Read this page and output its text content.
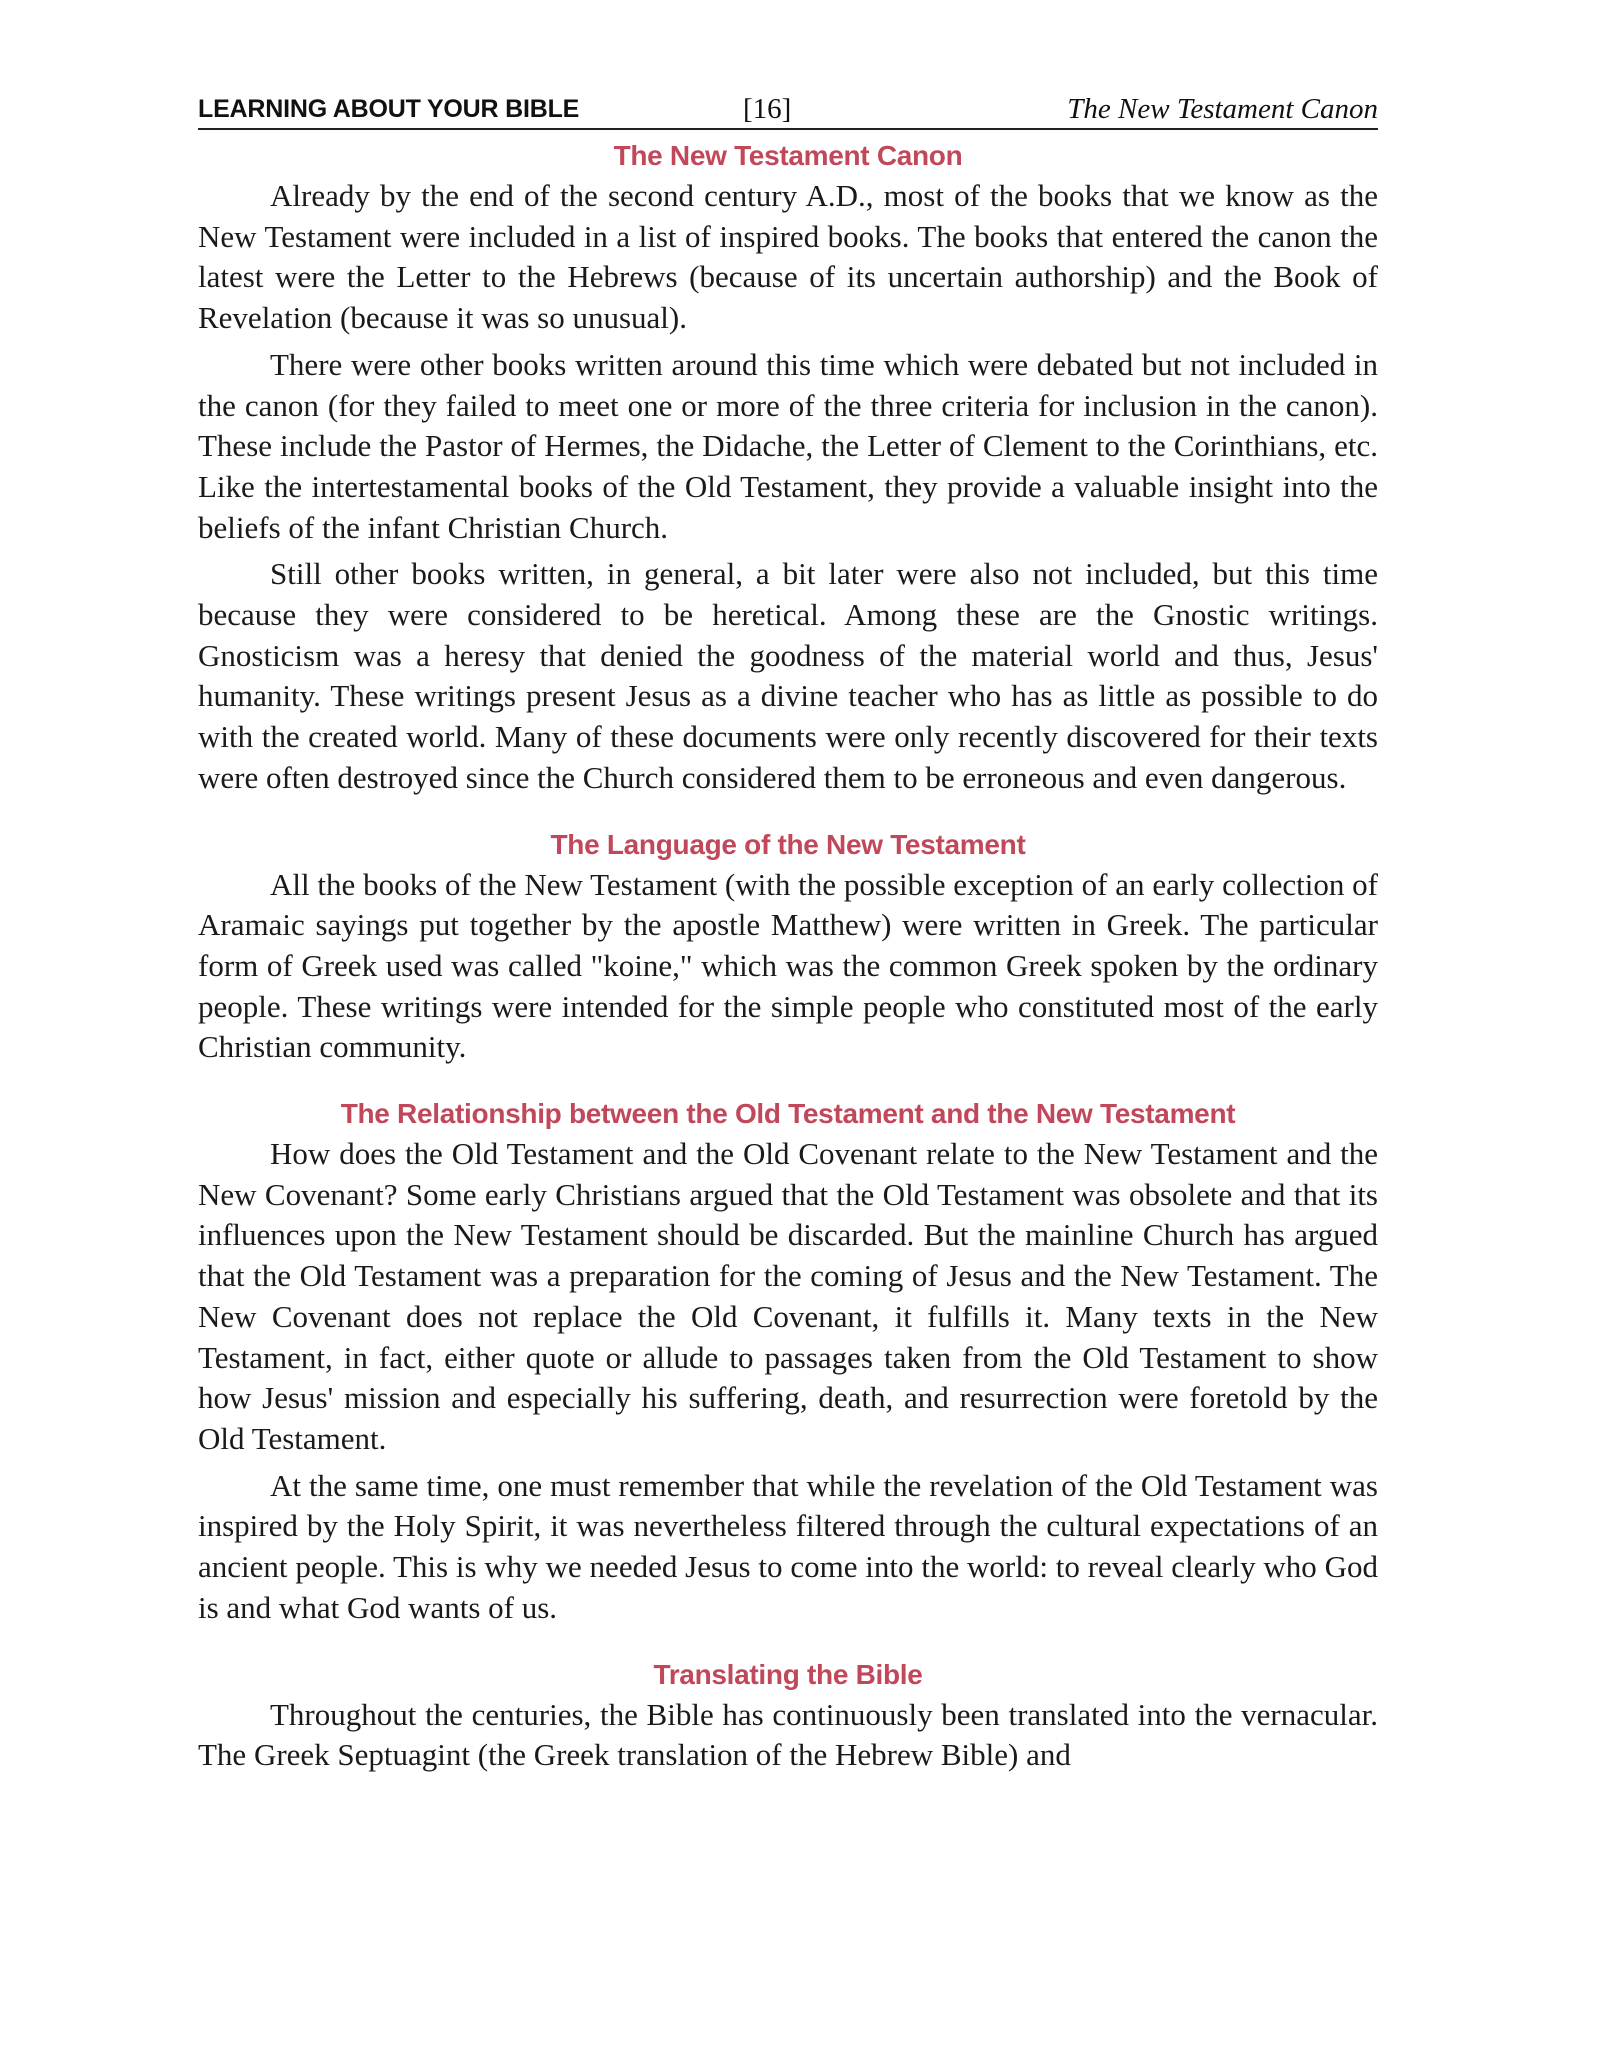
LEARNING ABOUT YOUR BIBLE	[16]	The New Testament Canon
The New Testament Canon

Already by the end of the second century A.D., most of the books that we know as the New Testament were included in a list of inspired books. The books that entered the canon the latest were the Letter to the Hebrews (because of its uncertain authorship) and the Book of Revelation (because it was so unusual).

There were other books written around this time which were debated but not included in the canon (for they failed to meet one or more of the three criteria for inclusion in the canon). These include the Pastor of Hermes, the Didache, the Letter of Clement to the Corinthians, etc. Like the intertestamental books of the Old Testament, they provide a valuable insight into the beliefs of the infant Christian Church.

Still other books written, in general, a bit later were also not included, but this time because they were considered to be heretical. Among these are the Gnostic writings. Gnosticism was a heresy that denied the goodness of the material world and thus, Jesus' humanity. These writings present Jesus as a divine teacher who has as little as possible to do with the created world. Many of these documents were only recently discovered for their texts were often destroyed since the Church considered them to be erroneous and even dangerous.

The Language of the New Testament

All the books of the New Testament (with the possible exception of an early collection of Aramaic sayings put together by the apostle Matthew) were written in Greek. The particular form of Greek used was called "koine," which was the common Greek spoken by the ordinary people. These writings were intended for the simple people who constituted most of the early Christian community.

The Relationship between the Old Testament and the New Testament

How does the Old Testament and the Old Covenant relate to the New Testament and the New Covenant? Some early Christians argued that the Old Testament was obsolete and that its influences upon the New Testament should be discarded. But the mainline Church has argued that the Old Testament was a preparation for the coming of Jesus and the New Testament. The New Covenant does not replace the Old Covenant, it fulfills it. Many texts in the New Testament, in fact, either quote or allude to passages taken from the Old Testament to show how Jesus' mission and especially his suffering, death, and resurrection were foretold by the Old Testament.

At the same time, one must remember that while the revelation of the Old Testament was inspired by the Holy Spirit, it was nevertheless filtered through the cultural expectations of an ancient people. This is why we needed Jesus to come into the world: to reveal clearly who God is and what God wants of us.

Translating the Bible

Throughout the centuries, the Bible has continuously been translated into the vernacular. The Greek Septuagint (the Greek translation of the Hebrew Bible) and
